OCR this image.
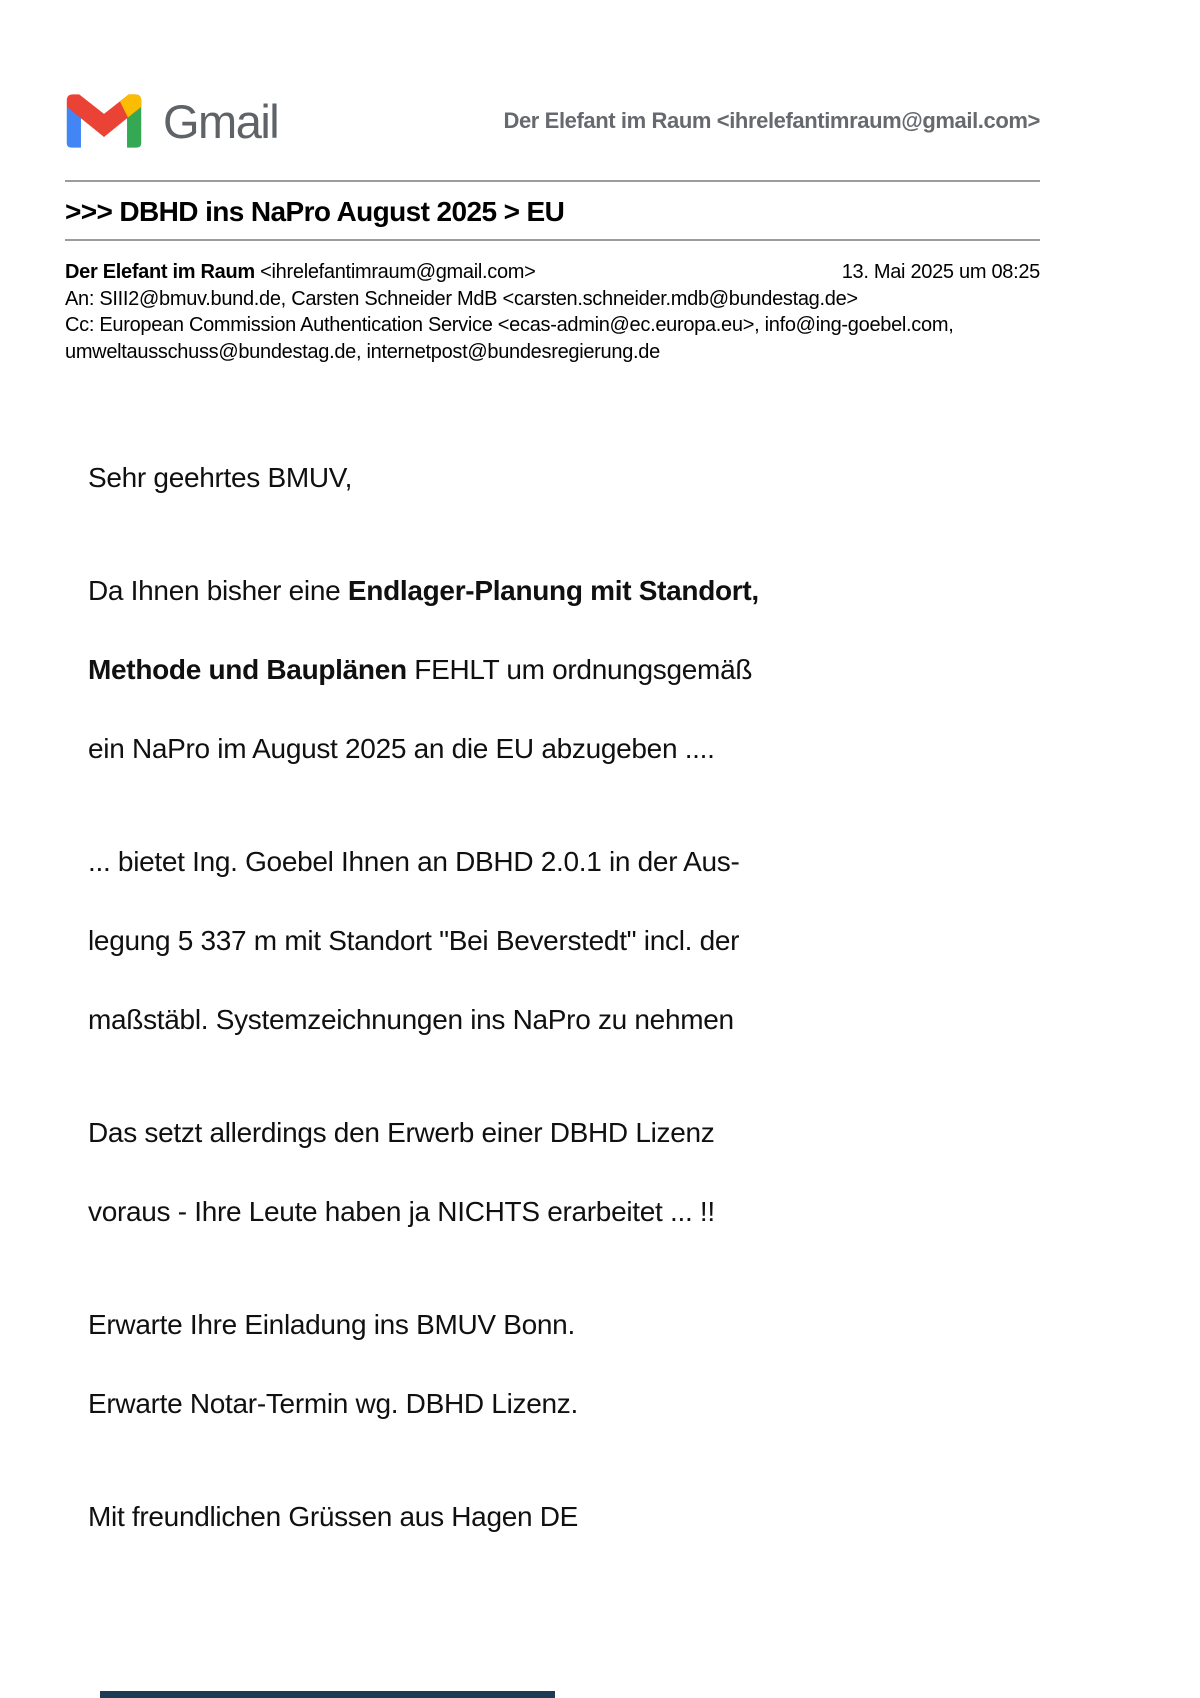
Gmail	Der Elefant im Raum <ihrelefantimraum@gmail.com>
>>> DBHD ins NaPro August 2025 > EU
Der Elefant im Raum <ihrelefantimraum@gmail.com>	13. Mai 2025 um 08:25
An: SIII2@bmuv.bund.de, Carsten Schneider MdB <carsten.schneider.mdb@bundestag.de>
Cc: European Commission Authentication Service <ecas-admin@ec.europa.eu>, info@ing-goebel.com, umweltausschuss@bundestag.de, internetpost@bundesregierung.de
Sehr geehrtes BMUV,
Da Ihnen bisher eine Endlager-Planung mit Standort,
Methode und Bauplänen FEHLT um ordnungsgemäß
ein NaPro im August 2025 an die EU abzugeben ....
... bietet Ing. Goebel Ihnen an DBHD 2.0.1 in der Aus-
legung 5 337 m mit Standort "Bei Beverstedt" incl. der
maßstäbl. Systemzeichnungen ins NaPro zu nehmen
Das setzt allerdings den Erwerb einer DBHD Lizenz
voraus - Ihre Leute haben ja NICHTS erarbeitet ... !!
Erwarte Ihre Einladung ins BMUV Bonn.
Erwarte Notar-Termin wg. DBHD Lizenz.
Mit freundlichen Grüssen aus Hagen DE
